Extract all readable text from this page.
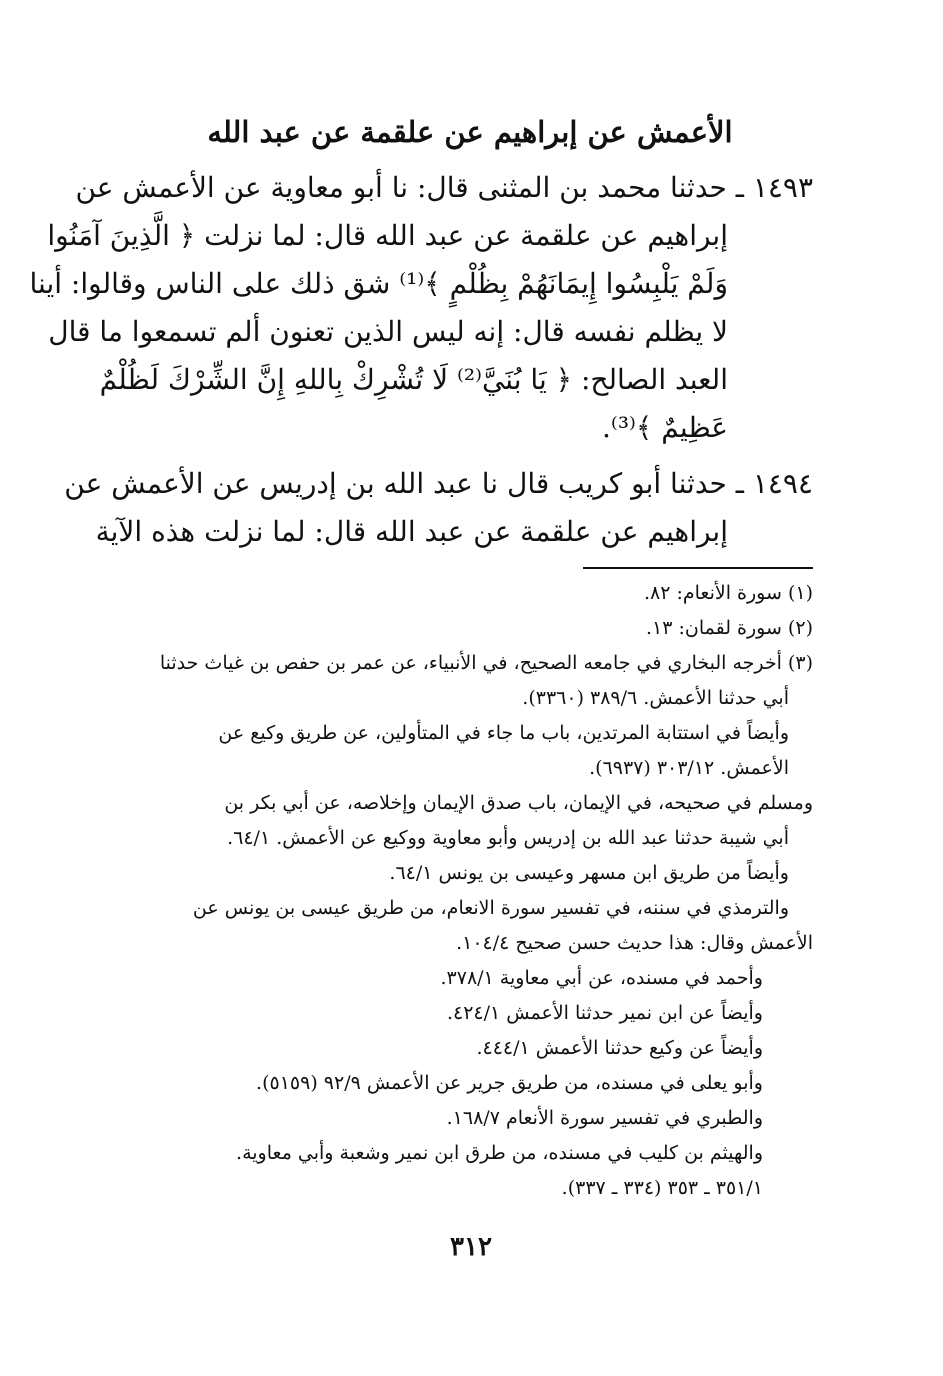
الأعمش عن إبراهيم عن علقمة عن عبد الله
١٤٩٣ ـ حدثنا محمد بن المثنى قال: نا أبو معاوية عن الأعمش عن
إبراهيم عن علقمة عن عبد الله قال: لما نزلت ﴿ الَّذِينَ آمَنُوا
وَلَمْ يَلْبِسُوا إِيمَانَهُمْ بِظُلْمٍ ﴾⁽¹⁾ شق ذلك على الناس وقالوا: أينا
لا يظلم نفسه قال: إنه ليس الذين تعنون ألم تسمعوا ما قال
العبد الصالح: ﴿ يَا بُنَيَّ⁽²⁾ لَا تُشْرِكْ بِاللهِ إِنَّ الشِّرْكَ لَظُلْمٌ
عَظِيمٌ ﴾⁽³⁾.
١٤٩٤ ـ حدثنا أبو كريب قال نا عبد الله بن إدريس عن الأعمش عن
إبراهيم عن علقمة عن عبد الله قال: لما نزلت هذه الآية
(١) سورة الأنعام: ٨٢.
(٢) سورة لقمان: ١٣.
(٣) أخرجه البخاري في جامعه الصحيح، في الأنبياء، عن عمر بن حفص بن غياث حدثنا
أبي حدثنا الأعمش. ٣٨٩/٦ (٣٣٦٠).
وأيضاً في استتابة المرتدين، باب ما جاء في المتأولين، عن طريق وكيع عن
الأعمش. ٣٠٣/١٢ (٦٩٣٧).
ومسلم في صحيحه، في الإيمان، باب صدق الإيمان وإخلاصه، عن أبي بكر بن
أبي شيبة حدثنا عبد الله بن إدريس وأبو معاوية ووكيع عن الأعمش. ٦٤/١.
وأيضاً من طريق ابن مسهر وعيسى بن يونس ٦٤/١.
والترمذي في سننه، في تفسير سورة الانعام، من طريق عيسى بن يونس عن
الأعمش وقال: هذا حديث حسن صحيح ١٠٤/٤.
وأحمد في مسنده، عن أبي معاوية ٣٧٨/١.
وأيضاً عن ابن نمير حدثنا الأعمش ٤٢٤/١.
وأيضاً عن وكيع حدثنا الأعمش ٤٤٤/١.
وأبو يعلى في مسنده، من طريق جرير عن الأعمش ٩٢/٩ (٥١٥٩).
والطبري في تفسير سورة الأنعام ١٦٨/٧.
والهيثم بن كليب في مسنده، من طرق ابن نمير وشعبة وأبي معاوية.
٣٥١/١ ـ ٣٥٣ (٣٣٤ ـ ٣٣٧).
٣١٢
